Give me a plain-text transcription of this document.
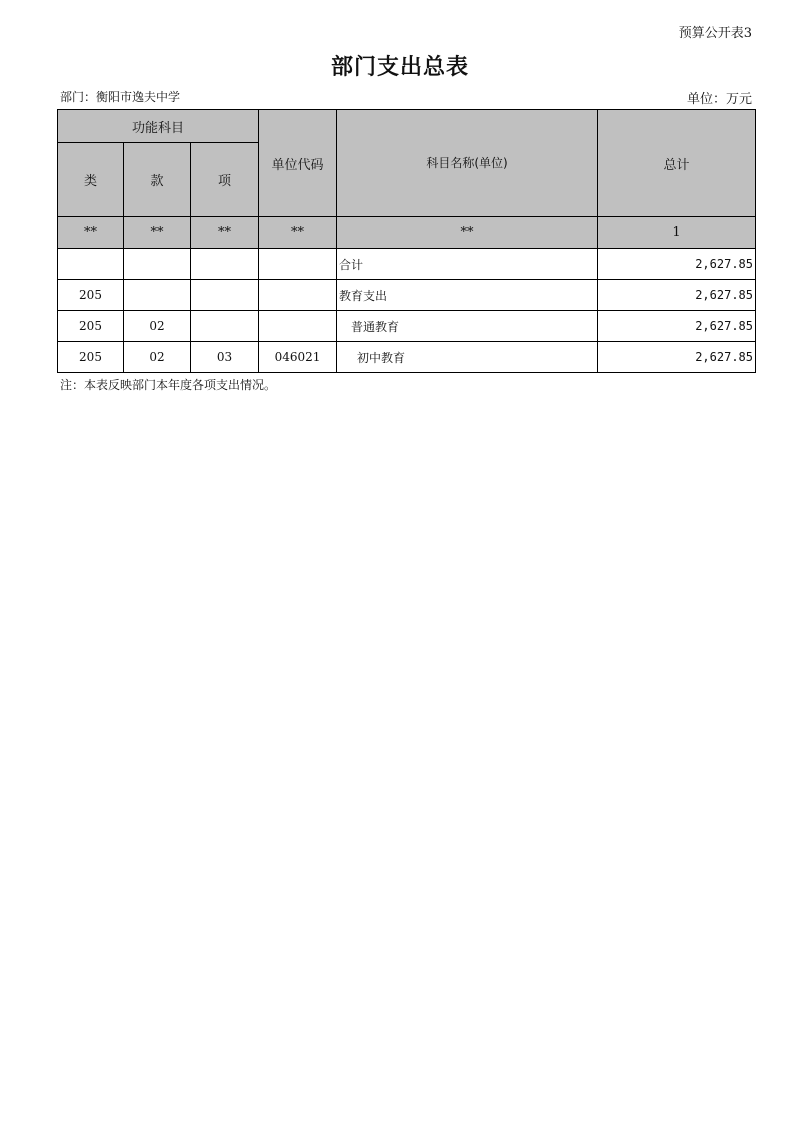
预算公开表3
部门支出总表
部门：衡阳市逸夫中学	单位：万元
功能科目			单位代码	科目名称(单位)	总计
类	款	项			
**	**	**	**	**	1
				合计	2,627.85
205				教育支出	2,627.85
205	02			普通教育	2,627.85
205	02	03	046021	初中教育	2,627.85
注：本表反映部门本年度各项支出情况。
